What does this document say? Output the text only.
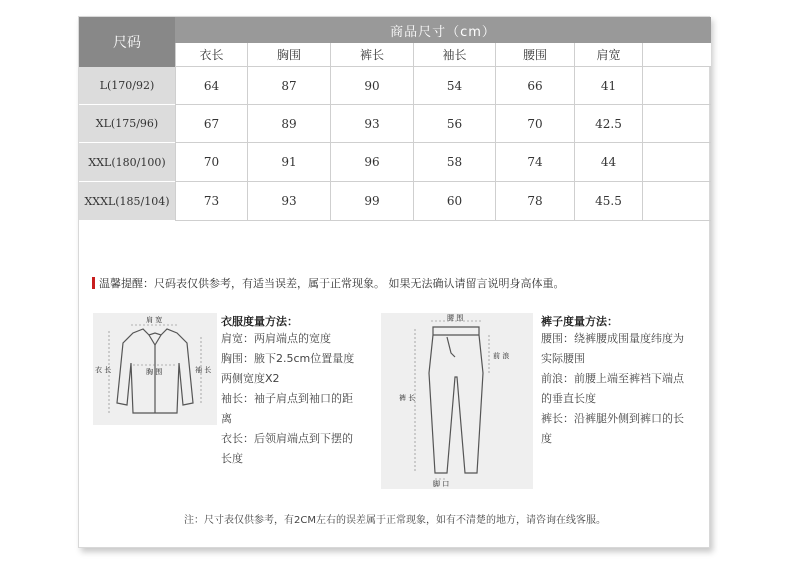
尺码
商品尺寸（cm）
衣长	胸围	裤长	袖长	腰围	肩宽
L(170/92)	64	87	90	54	66	41
XL(175/96)	67	89	93	56	70	42.5
XXL(180/100)	70	91	96	58	74	44
XXXL(185/104)	73	93	99	60	78	45.5
温馨提醒：尺码表仅供参考，有适当误差，属于正常现象。 如果无法确认请留言说明身高体重。
肩 宽
衣 长	袖 长
胸 围
衣服度量方法：
肩宽：两肩端点的宽度
胸围：腋下2.5cm位置量度
两侧宽度X2
袖长：袖子肩点到袖口的距
离
衣长：后领肩端点到下摆的
长度
腰 围
前 浪
裤 长
脚 口
裤子度量方法：
腰围：绕裤腰成围量度纬度为
实际腰围
前浪：前腰上端至裤裆下端点
的垂直长度
裤长：沿裤腿外侧到裤口的长
度
注：尺寸表仅供参考，有2CM左右的误差属于正常现象，如有不清楚的地方，请咨询在线客服。
